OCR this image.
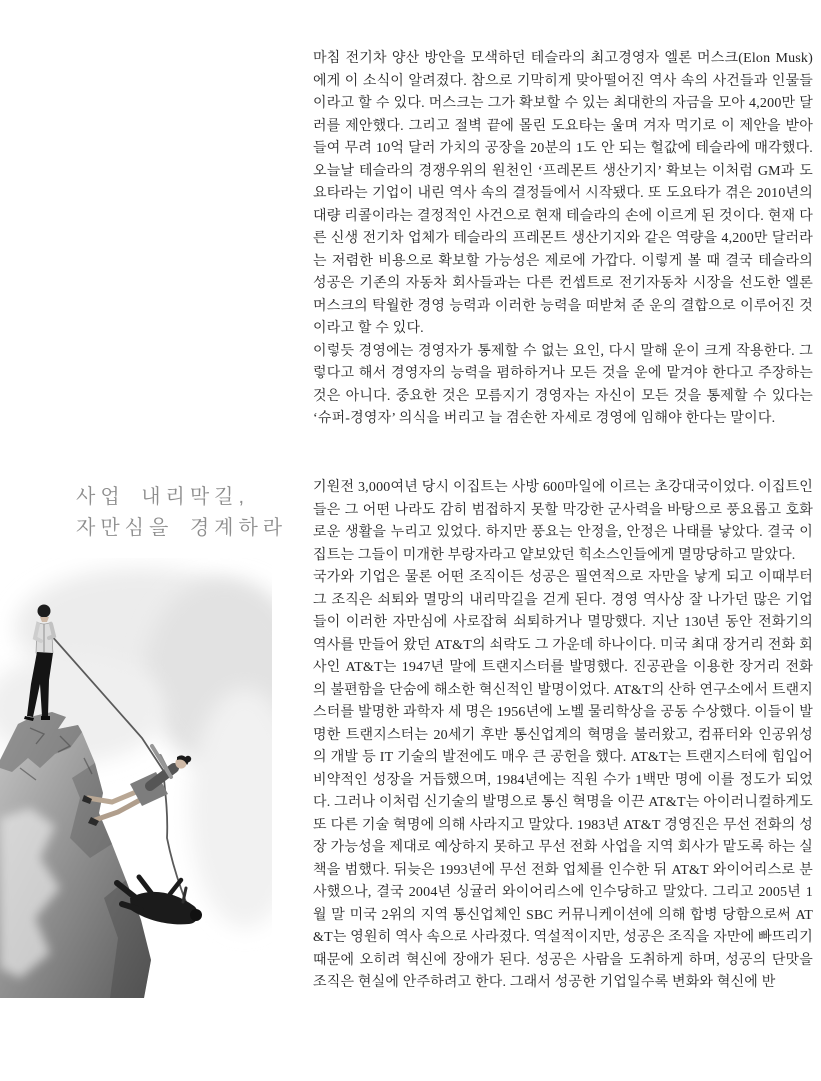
사업 내리막길,
자만심을 경계하라

마침 전기차 양산 방안을 모색하던 테슬라의 최고경영자 엘론 머스크(Elon Musk)에게 이 소식이 알려졌다. 참으로 기막히게 맞아떨어진 역사 속의 사건들과 인물들이라고 할 수 있다. 머스크는 그가 확보할 수 있는 최대한의 자금을 모아 4,200만 달러를 제안했다. 그리고 절벽 끝에 몰린 도요타는 울며 겨자 먹기로 이 제안을 받아들여 무려 10억 달러 가치의 공장을 20분의 1도 안 되는 헐값에 테슬라에 매각했다. 오늘날 테슬라의 경쟁우위의 원천인 ‘프레몬트 생산기지’ 확보는 이처럼 GM과 도요타라는 기업이 내린 역사 속의 결정들에서 시작됐다. 또 도요타가 겪은 2010년의 대량 리콜이라는 결정적인 사건으로 현재 테슬라의 손에 이르게 된 것이다. 현재 다른 신생 전기차 업체가 테슬라의 프레몬트 생산기지와 같은 역량을 4,200만 달러라는 저렴한 비용으로 확보할 가능성은 제로에 가깝다. 이렇게 볼 때 결국 테슬라의 성공은 기존의 자동차 회사들과는 다른 컨셉트로 전기자동차 시장을 선도한 엘론 머스크의 탁월한 경영 능력과 이러한 능력을 떠받쳐 준 운의 결합으로 이루어진 것이라고 할 수 있다.

이렇듯 경영에는 경영자가 통제할 수 없는 요인, 다시 말해 운이 크게 작용한다. 그렇다고 해서 경영자의 능력을 폄하하거나 모든 것을 운에 맡겨야 한다고 주장하는 것은 아니다. 중요한 것은 모름지기 경영자는 자신이 모든 것을 통제할 수 있다는 ‘슈퍼-경영자’ 의식을 버리고 늘 겸손한 자세로 경영에 임해야 한다는 말이다.

기원전 3,000여년 당시 이집트는 사방 600마일에 이르는 초강대국이었다. 이집트인들은 그 어떤 나라도 감히 범접하지 못할 막강한 군사력을 바탕으로 풍요롭고 호화로운 생활을 누리고 있었다. 하지만 풍요는 안정을, 안정은 나태를 낳았다. 결국 이집트는 그들이 미개한 부랑자라고 얕보았던 힉소스인들에게 멸망당하고 말았다.

국가와 기업은 물론 어떤 조직이든 성공은 필연적으로 자만을 낳게 되고 이때부터 그 조직은 쇠퇴와 멸망의 내리막길을 걷게 된다. 경영 역사상 잘 나가던 많은 기업들이 이러한 자만심에 사로잡혀 쇠퇴하거나 멸망했다. 지난 130년 동안 전화기의 역사를 만들어 왔던 AT&T의 쇠락도 그 가운데 하나이다. 미국 최대 장거리 전화 회사인 AT&T는 1947년 말에 트랜지스터를 발명했다. 진공관을 이용한 장거리 전화의 불편함을 단숨에 해소한 혁신적인 발명이었다. AT&T의 산하 연구소에서 트랜지스터를 발명한 과학자 세 명은 1956년에 노벨 물리학상을 공동 수상했다. 이들이 발명한 트랜지스터는 20세기 후반 통신업계의 혁명을 불러왔고, 컴퓨터와 인공위성의 개발 등 IT 기술의 발전에도 매우 큰 공헌을 했다. AT&T는 트랜지스터에 힘입어 비약적인 성장을 거듭했으며, 1984년에는 직원 수가 1백만 명에 이를 정도가 되었다. 그러나 이처럼 신기술의 발명으로 통신 혁명을 이끈 AT&T는 아이러니컬하게도 또 다른 기술 혁명에 의해 사라지고 말았다. 1983년 AT&T 경영진은 무선 전화의 성장 가능성을 제대로 예상하지 못하고 무선 전화 사업을 지역 회사가 맡도록 하는 실책을 범했다. 뒤늦은 1993년에 무선 전화 업체를 인수한 뒤 AT&T 와이어리스로 분사했으나, 결국 2004년 싱귤러 와이어리스에 인수당하고 말았다. 그리고 2005년 1월 말 미국 2위의 지역 통신업체인 SBC 커뮤니케이션에 의해 합병 당함으로써 AT&T는 영원히 역사 속으로 사라졌다. 역설적이지만, 성공은 조직을 자만에 빠뜨리기 때문에 오히려 혁신에 장애가 된다. 성공은 사람을 도취하게 하며, 성공의 단맛을 조직은 현실에 안주하려고 한다. 그래서 성공한 기업일수록 변화와 혁신에 반
